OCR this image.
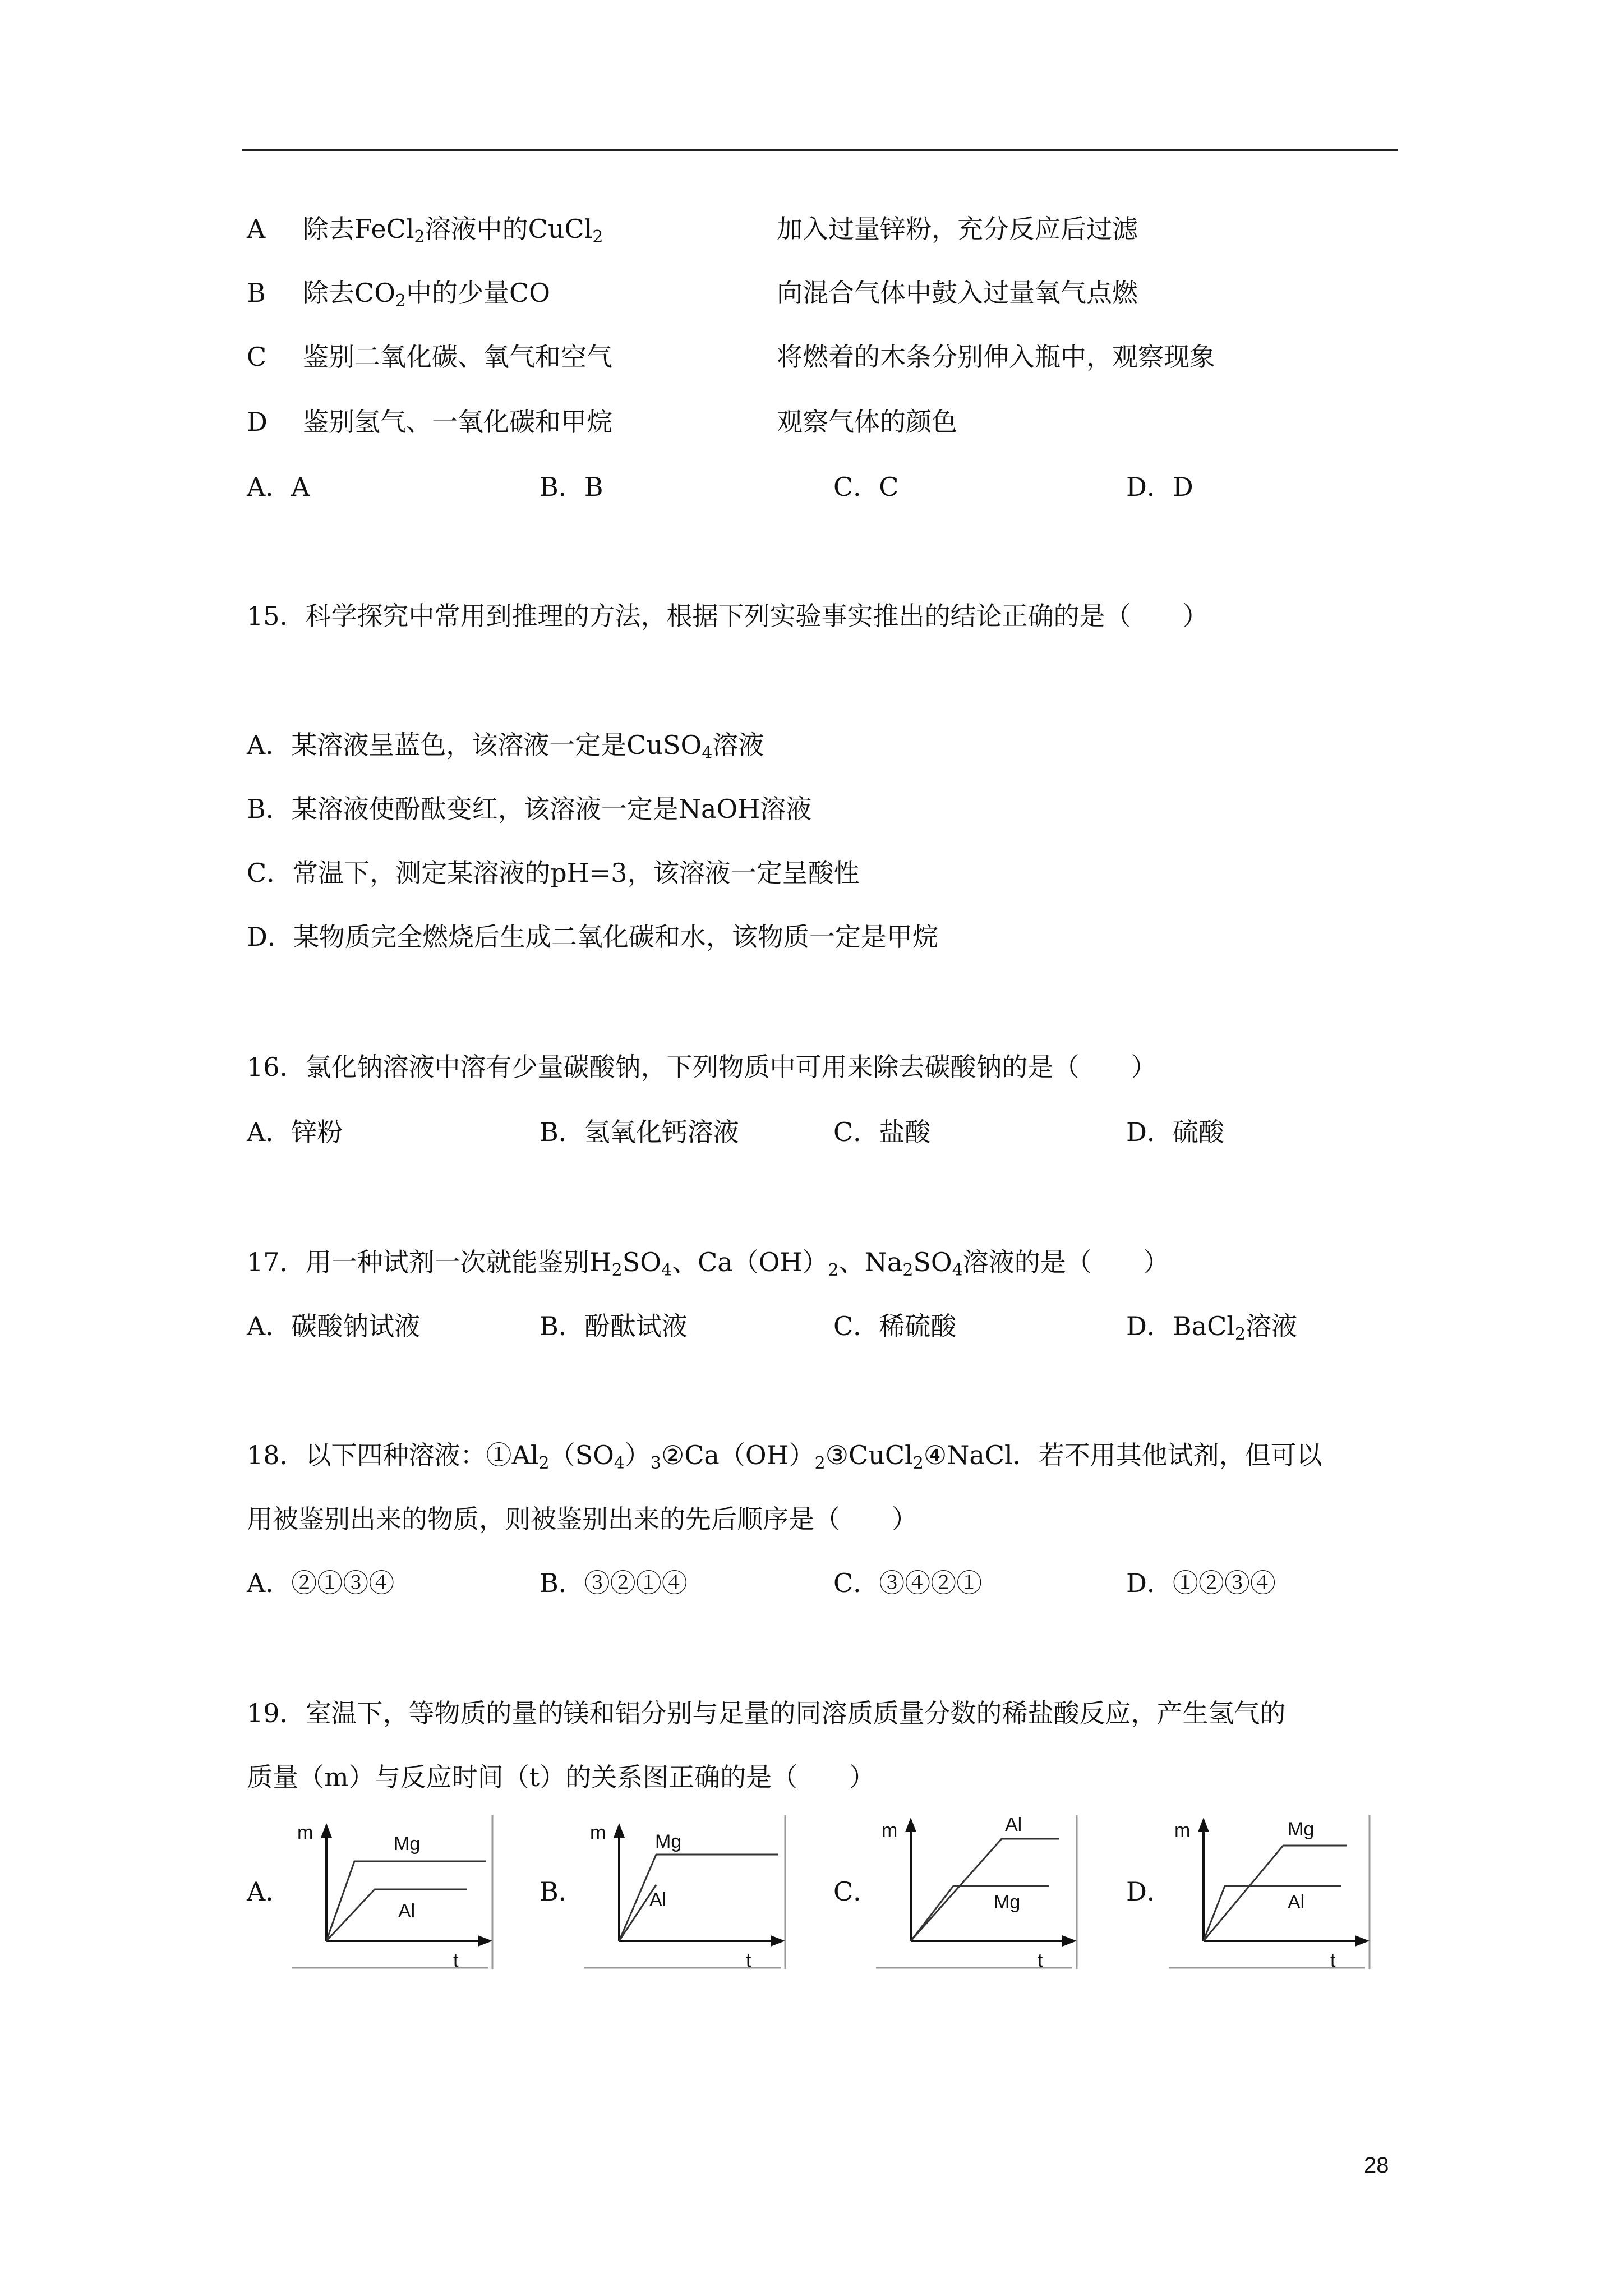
A 除去FeCl$_2$溶液中的CuCl$_2$	加入过量锌粉，充分反应后过滤
B 除去$CO_2$中的少量CO	向混合气体中鼓入过量氧气点燃
C 鉴别二氧化碳、氧气和空气	将燃着的木条分别伸入瓶中，观察现象
D 鉴别氢气、一氧化碳和甲烷	观察气体的颜色
A．A	B．B	C．C	D．D
15．科学探究中常用到推理的方法，根据下列实验事实推出的结论正确的是（　　）
A．某溶液呈蓝色，该溶液一定是CuSO$_4$溶液
B．某溶液使酚酞变红，该溶液一定是NaOH溶液
C．常温下，测定某溶液的pH=3，该溶液一定呈酸性
D．某物质完全燃烧后生成二氧化碳和水，该物质一定是甲烷
16．氯化钠溶液中溶有少量碳酸钠，下列物质中可用来除去碳酸钠的是（　　）
A．锌粉	B．氢氧化钙溶液	C．盐酸	D．硫酸
17．用一种试剂一次就能鉴别$H_2SO_4$、$Ca(OH)_2$、$Na_2SO_4$溶液的是（　　）
A．碳酸钠试液	B．酚酞试液	C．稀硫酸	D．BaCl$_2$溶液
18．以下四种溶液：$①Al_2(SO_4)_3②Ca(OH)_2③CuCl_2④NaCl$．若不用其他试剂，但可以
用被鉴别出来的物质，则被鉴别出来的先后顺序是（　　）
A．②①③④	B．③②①④	C．③④②①	D．①②③④
19．室温下，等物质的量的镁和铝分别与足量的同溶质质量分数的稀盐酸反应，产生氢气的
质量（m）与反应时间（t）的关系图正确的是（　　）
A．
m
t
Mg
Al
B．
m
t
Mg
Al	C．
m
t
Al
Mg	D．
m
t
Mg
Al
28
